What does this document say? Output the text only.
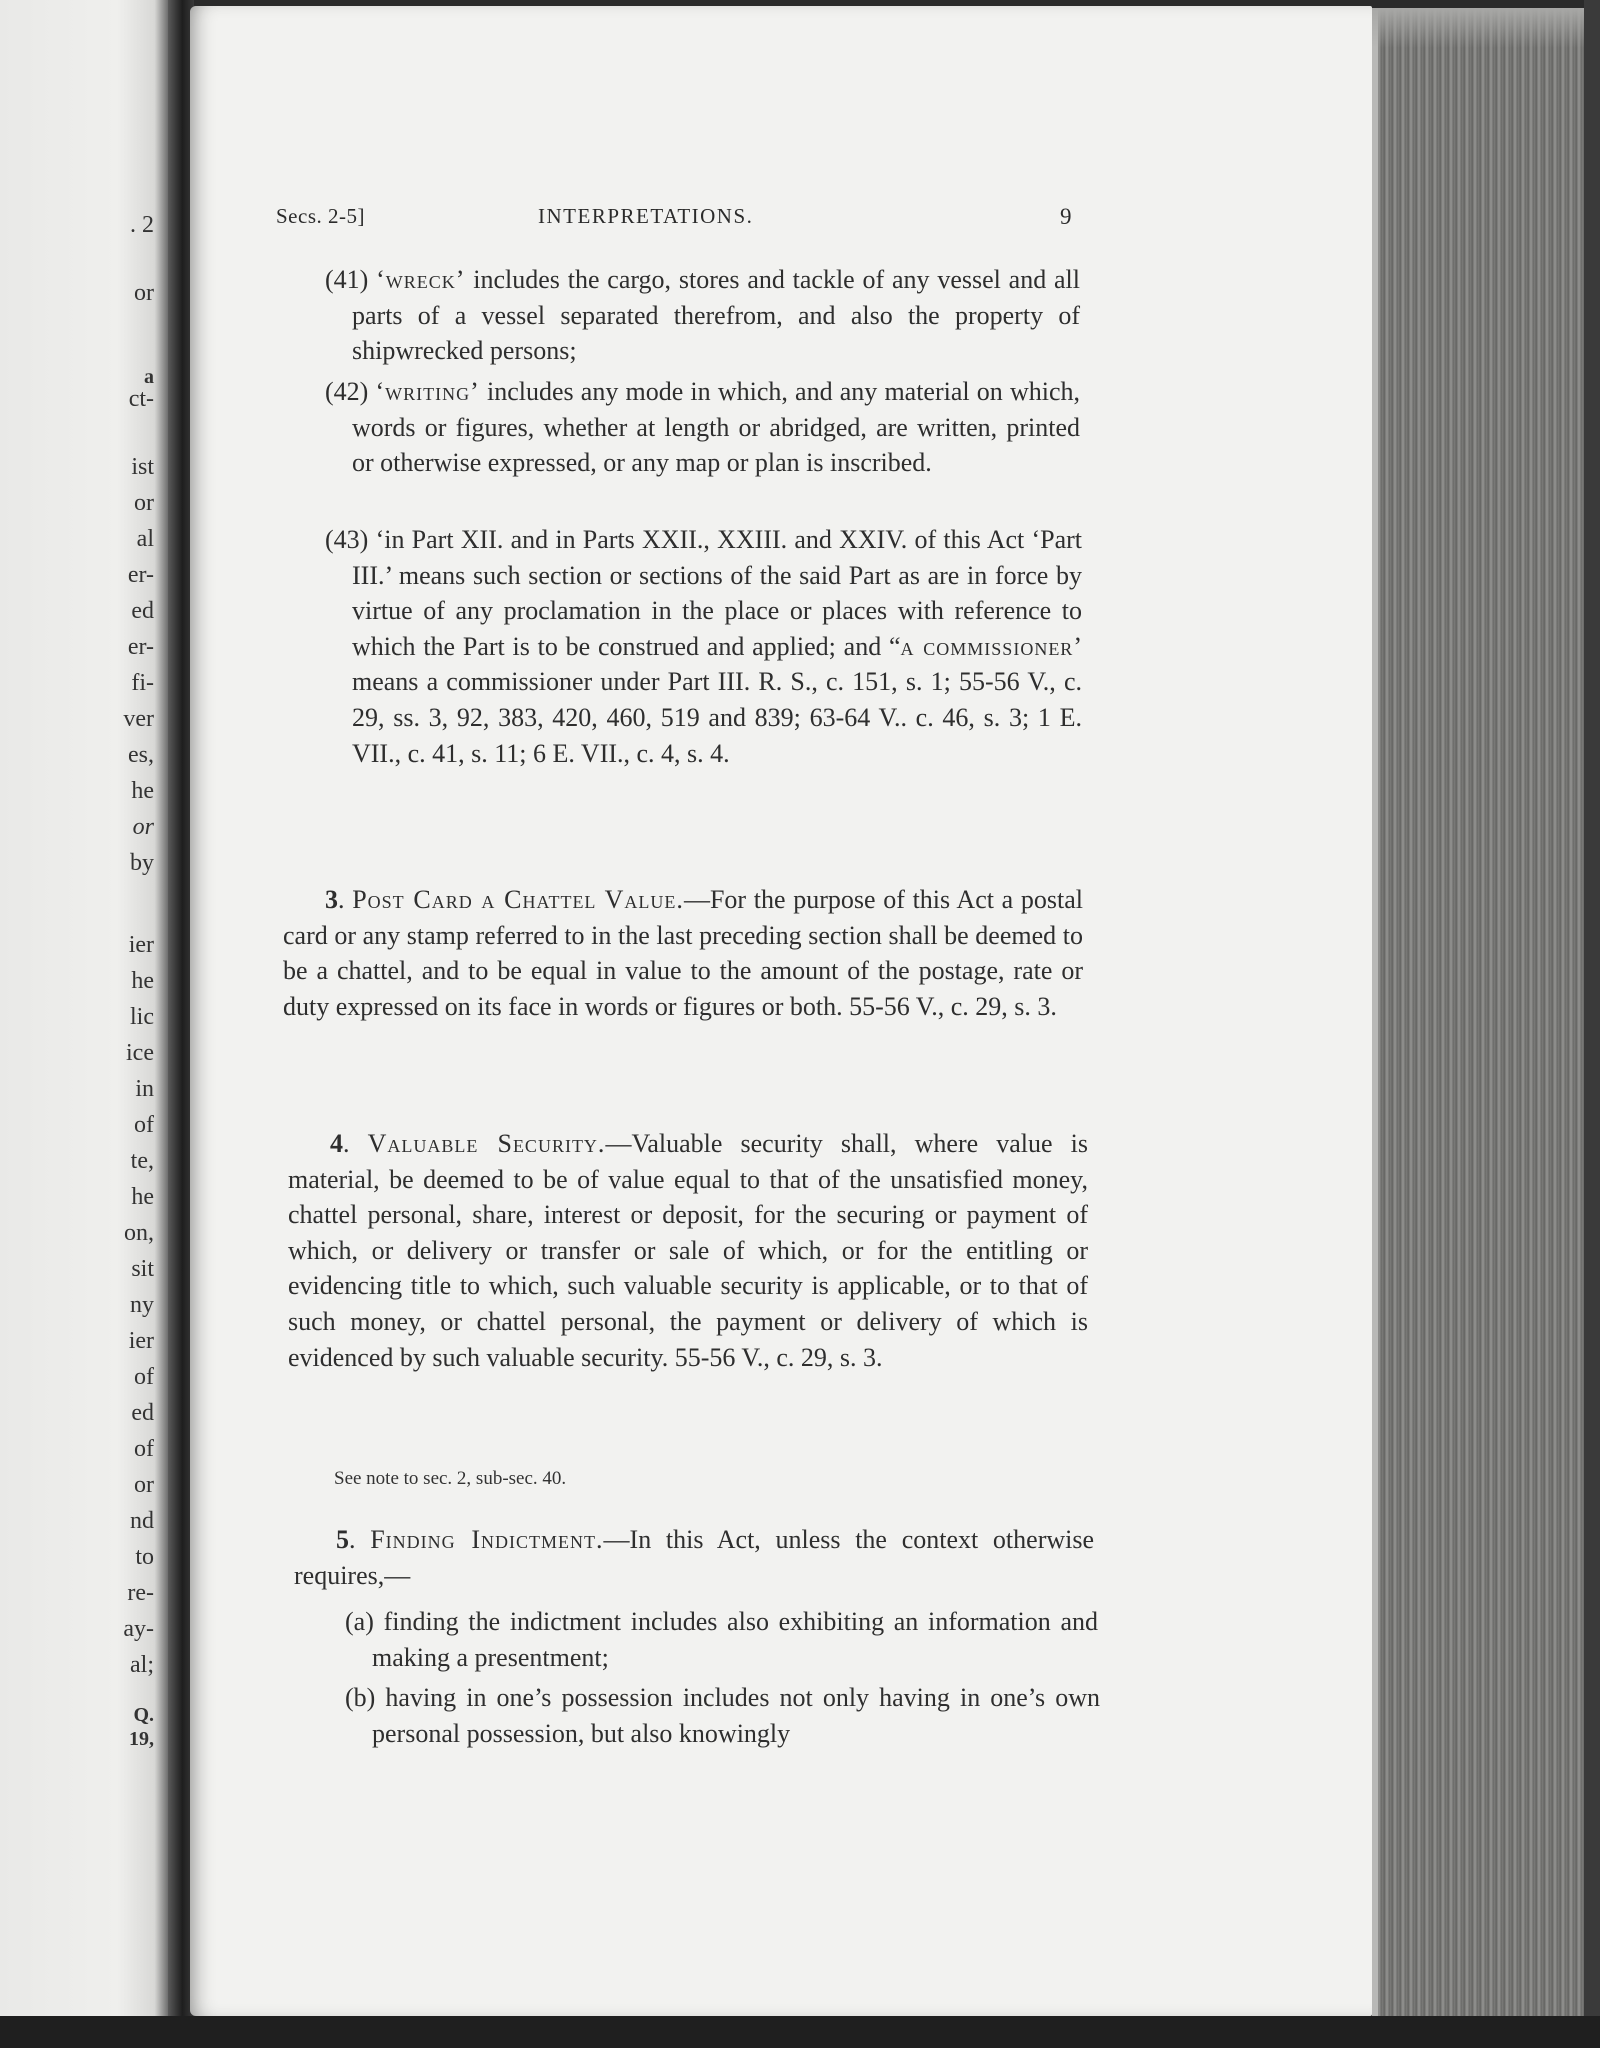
. 2
or
a
ct-
ist
or
al
er-
ed
er-
fi-
ver
es,
he
or
by
ier
he
lic
ice
in
of
te,
he
on,
sit
ny
ier
of
ed
of
or
nd
to
re-
ay-
al;
Q.
19,
Secs. 2-5]	INTERPRETATIONS.	9

(41) ‘wreck’ includes the cargo, stores and tackle of any vessel and all parts of a vessel separated therefrom, and also the property of shipwrecked persons;

(42) ‘writing’ includes any mode in which, and any material on which, words or figures, whether at length or abridged, are written, printed or otherwise expressed, or any map or plan is inscribed.

(43) ‘in Part XII. and in Parts XXII., XXIII. and XXIV. of this Act ‘Part III.’ means such section or sections of the said Part as are in force by virtue of any proclamation in the place or places with reference to which the Part is to be construed and applied; and “a commissioner’ means a commissioner under Part III. R. S., c. 151, s. 1; 55-56 V., c. 29, ss. 3, 92, 383, 420, 460, 519 and 839; 63-64 V.. c. 46, s. 3; 1 E. VII., c. 41, s. 11; 6 E. VII., c. 4, s. 4.

3. Post Card a Chattel Value.—For the purpose of this Act a postal card or any stamp referred to in the last preceding section shall be deemed to be a chattel, and to be equal in value to the amount of the postage, rate or duty expressed on its face in words or figures or both. 55-56 V., c. 29, s. 3.

4. Valuable Security.—Valuable security shall, where value is material, be deemed to be of value equal to that of the unsatisfied money, chattel personal, share, interest or deposit, for the securing or payment of which, or delivery or transfer or sale of which, or for the entitling or evidencing title to which, such valuable security is applicable, or to that of such money, or chattel personal, the payment or delivery of which is evidenced by such valuable security. 55-56 V., c. 29, s. 3.

See note to sec. 2, sub-sec. 40.

5. Finding Indictment.—In this Act, unless the context otherwise requires,—

(a) finding the indictment includes also exhibiting an information and making a presentment;

(b) having in one’s possession includes not only having in one’s own personal possession, but also knowingly
